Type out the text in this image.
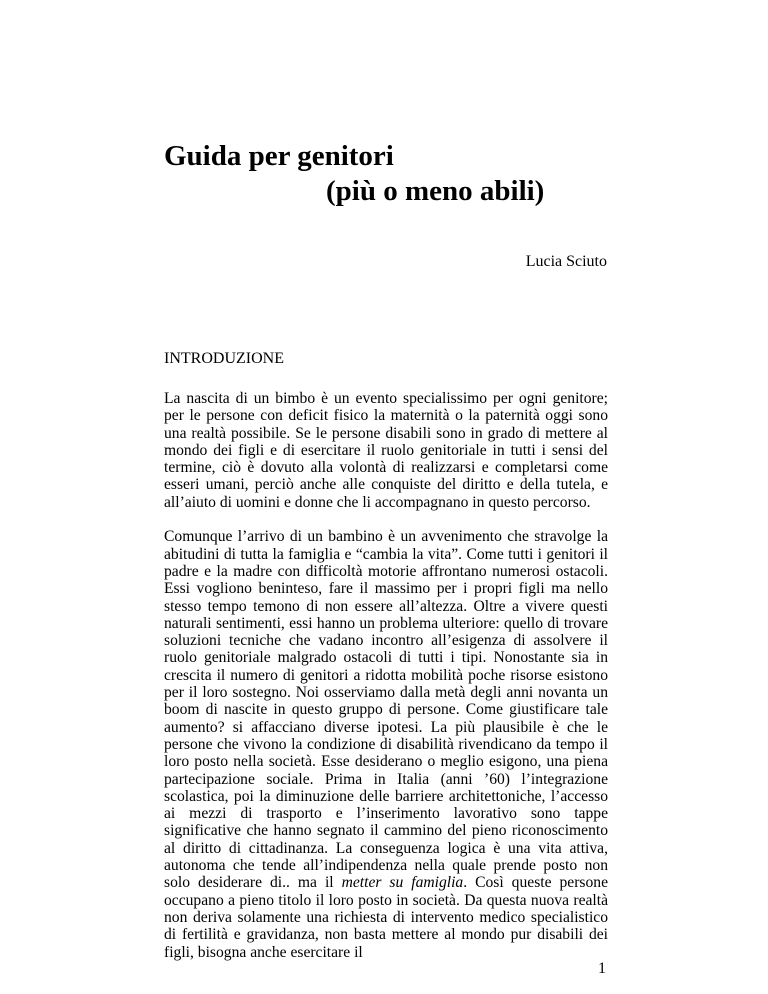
Guida per genitori
(più o meno abili)
Lucia Sciuto
INTRODUZIONE

La nascita di un bimbo è un evento specialissimo per ogni genitore; per le persone con deficit fisico la maternità o la paternità oggi sono una realtà possibile. Se le persone disabili sono in grado di mettere al mondo dei figli e di esercitare il ruolo genitoriale in tutti i sensi del termine, ciò è dovuto alla volontà di realizzarsi e completarsi come esseri umani, perciò anche alle conquiste del diritto e della tutela, e all’aiuto di uomini e donne che li accompagnano in questo percorso.

Comunque l’arrivo di un bambino è un avvenimento che stravolge la abitudini di tutta la famiglia e “cambia la vita”. Come tutti i genitori il padre e la madre con difficoltà motorie affrontano numerosi ostacoli. Essi vogliono beninteso, fare il massimo per i propri figli ma nello stesso tempo temono di non essere all’altezza. Oltre a vivere questi naturali sentimenti, essi hanno un problema ulteriore: quello di trovare soluzioni tecniche che vadano incontro all’esigenza di assolvere il ruolo genitoriale malgrado ostacoli di tutti i tipi. Nonostante sia in crescita il numero di genitori a ridotta mobilità poche risorse esistono per il loro sostegno. Noi osserviamo dalla metà degli anni novanta un boom di nascite in questo gruppo di persone. Come giustificare tale aumento? si affacciano diverse ipotesi. La più plausibile è che le persone che vivono la condizione di disabilità rivendicano da tempo il loro posto nella società. Esse desiderano o meglio esigono, una piena partecipazione sociale. Prima in Italia (anni ’60) l’integrazione scolastica, poi la diminuzione delle barriere architettoniche, l’accesso ai mezzi di trasporto e l’inserimento lavorativo sono tappe significative che hanno segnato il cammino del pieno riconoscimento al diritto di cittadinanza. La conseguenza logica è una vita attiva, autonoma che tende all’indipendenza nella quale prende posto non solo desiderare di.. ma il metter su famiglia. Così queste persone occupano a pieno titolo il loro posto in società. Da questa nuova realtà non deriva solamente una richiesta di intervento medico specialistico di fertilità e gravidanza, non basta mettere al mondo pur disabili dei figli, bisogna anche esercitare il

1
